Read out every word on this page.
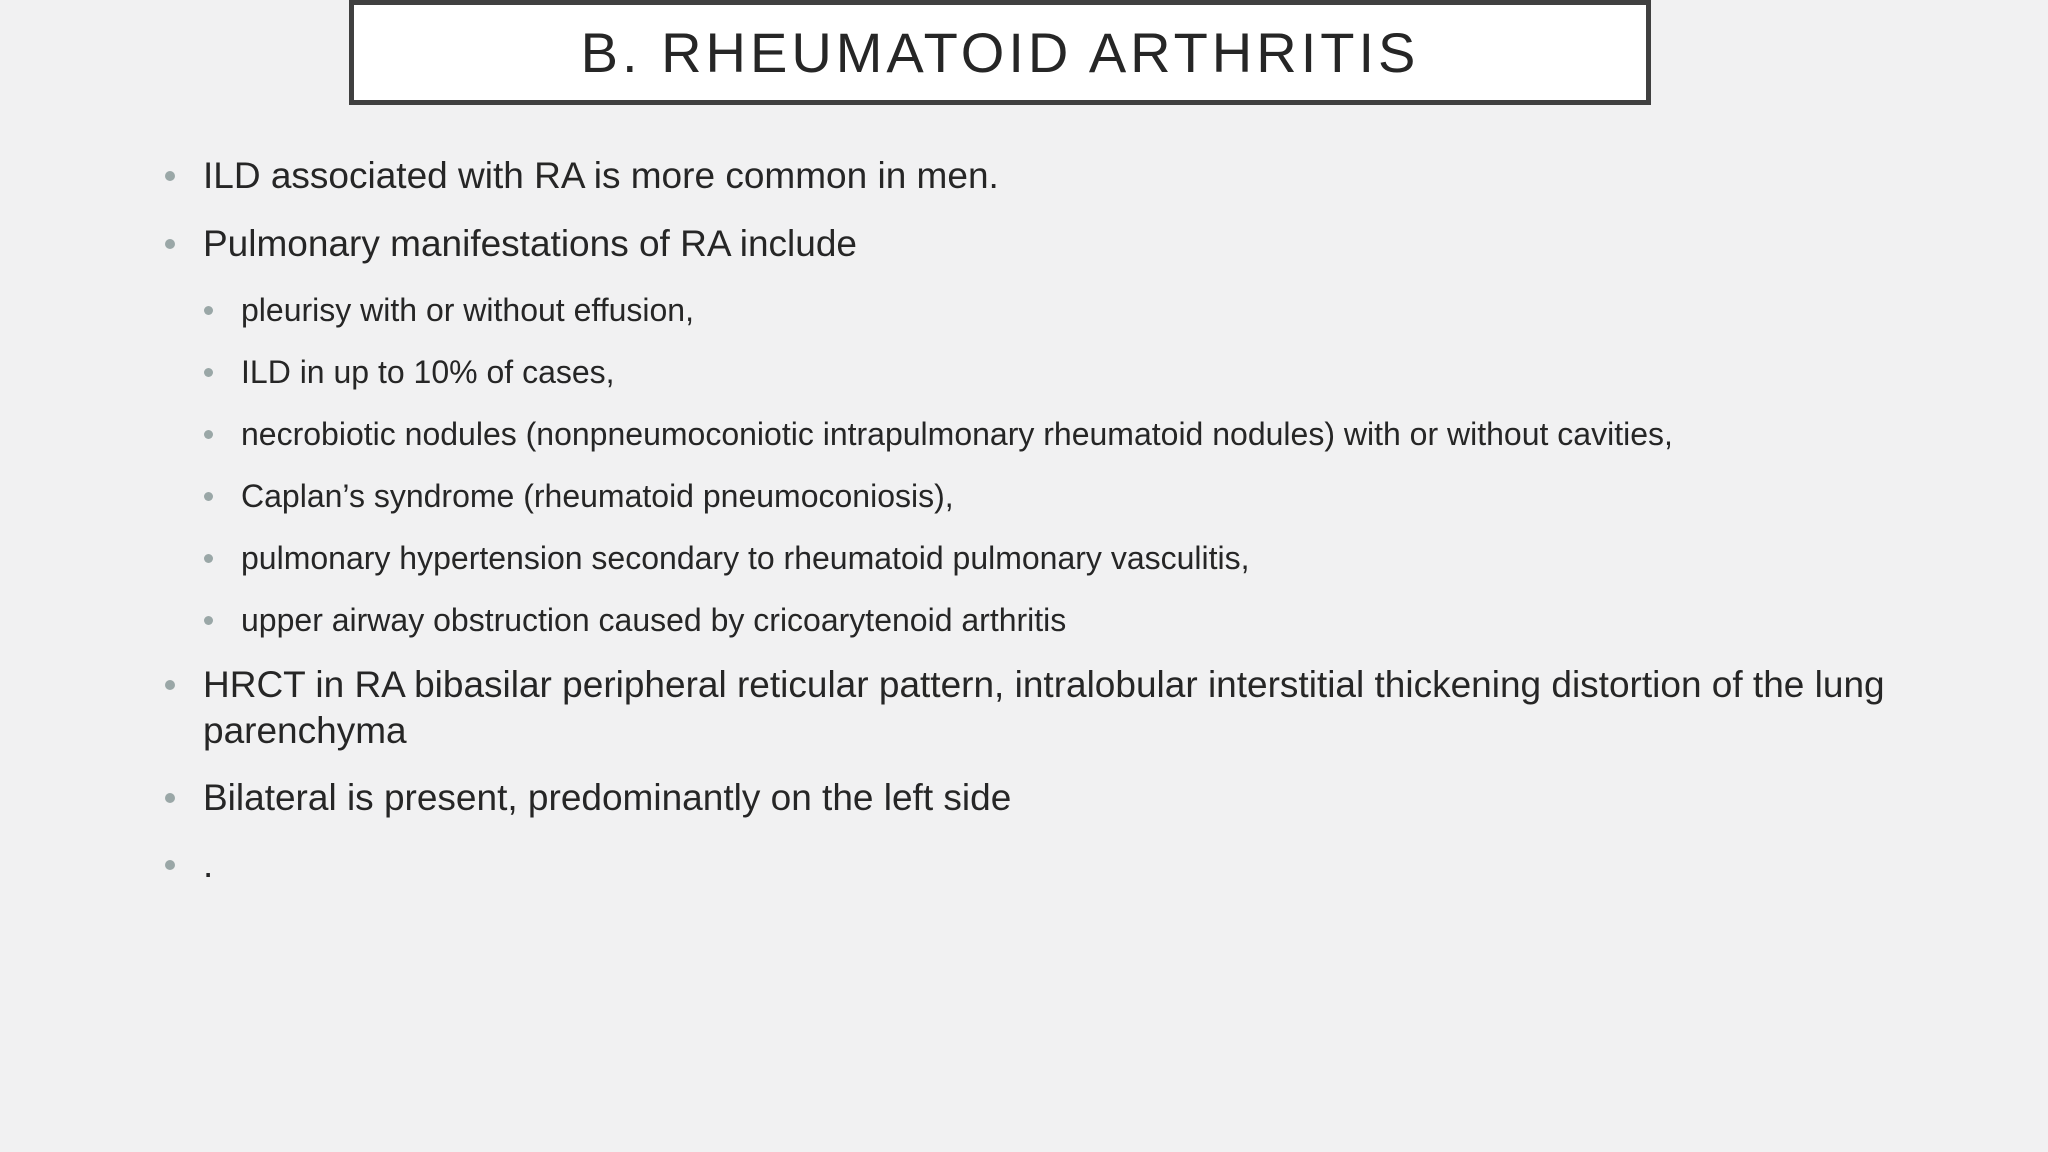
B. RHEUMATOID ARTHRITIS
ILD associated with RA is more common in men.
Pulmonary manifestations of RA include
pleurisy with or without effusion,
ILD in up to 10% of cases,
necrobiotic nodules (nonpneumoconiotic intrapulmonary rheumatoid nodules) with or without cavities,
Caplan’s syndrome (rheumatoid pneumoconiosis),
pulmonary hypertension secondary to rheumatoid pulmonary vasculitis,
upper airway obstruction caused by cricoarytenoid arthritis
HRCT in RA bibasilar peripheral reticular pattern, intralobular interstitial thickening distortion of the lung parenchyma
Bilateral is present, predominantly on the left side
.
